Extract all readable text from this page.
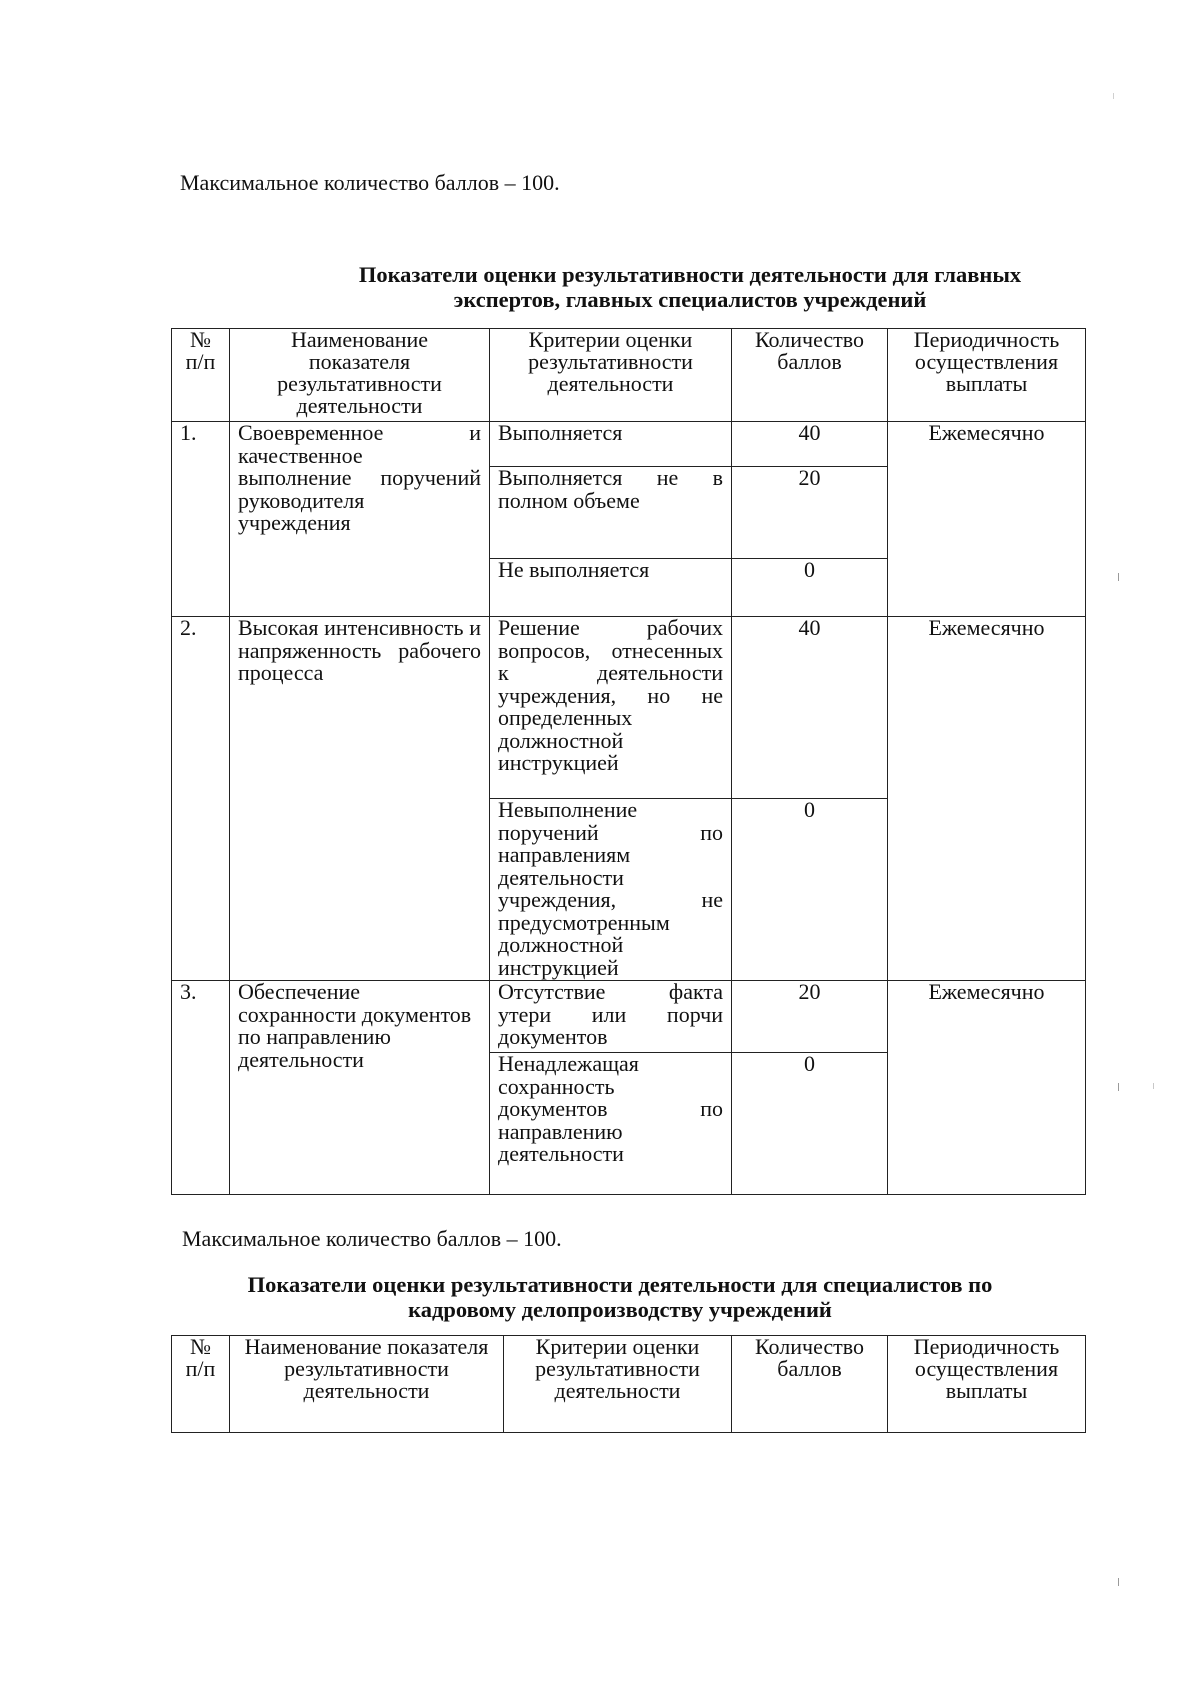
Максимальное количество баллов – 100.
Показатели оценки результативности деятельности для главных
экспертов, главных специалистов учреждений
№ п/п	Наименование показателя результативности деятельности	Критерии оценки результативности деятельности	Количество баллов	Периодичность осуществления выплаты
1.	Своевременное и качественное выполнение поручений руководителя учреждения	Выполняется	40	Ежемесячно
		Выполняется не в полном объеме	20	
		Не выполняется	0	
2.	Высокая интенсивность и напряженность рабочего процесса	Решение рабочих вопросов, отнесенных к деятельности учреждения, но не определенных должностной инструкцией	40	Ежемесячно
		Невыполнение поручений по направлениям деятельности учреждения, не предусмотренным должностной инструкцией	0	
3.	Обеспечение сохранности документов по направлению деятельности	Отсутствие факта утери или порчи документов	20	Ежемесячно
		Ненадлежащая сохранность документов по направлению деятельности	0	
Максимальное количество баллов – 100.
Показатели оценки результативности деятельности для специалистов по
кадровому делопроизводству учреждений
№ п/п	Наименование показателя результативности деятельности	Критерии оценки результативности деятельности	Количество баллов	Периодичность осуществления выплаты
